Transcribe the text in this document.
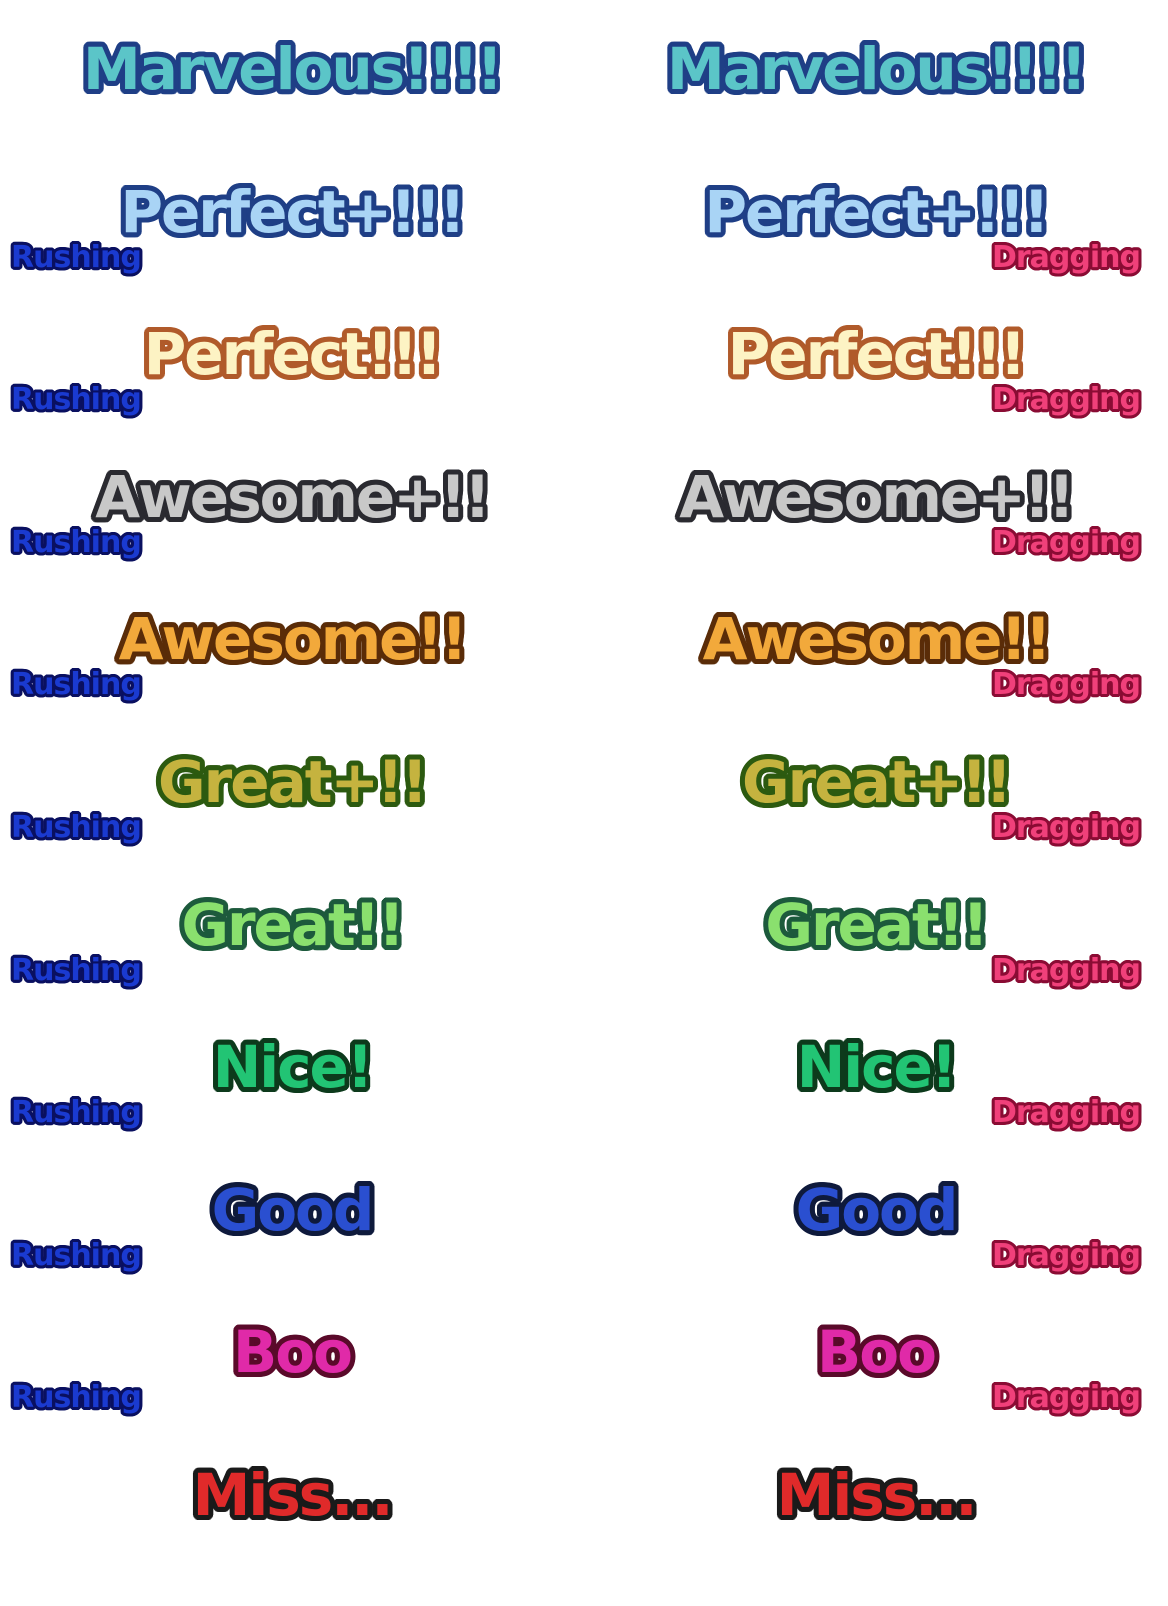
Marvelous!!!!
Perfect+!!!
Rushing
Perfect!!!
Rushing
Awesome+!!
Rushing
Awesome!!
Rushing
Great+!!
Rushing
Great!!
Rushing
Nice!
Rushing
Good
Rushing
Boo
Rushing
Miss...
Marvelous!!!!
Perfect+!!!
Dragging
Perfect!!!
Dragging
Awesome+!!
Dragging
Awesome!!
Dragging
Great+!!
Dragging
Great!!
Dragging
Nice!
Dragging
Good
Dragging
Boo
Dragging
Miss...
